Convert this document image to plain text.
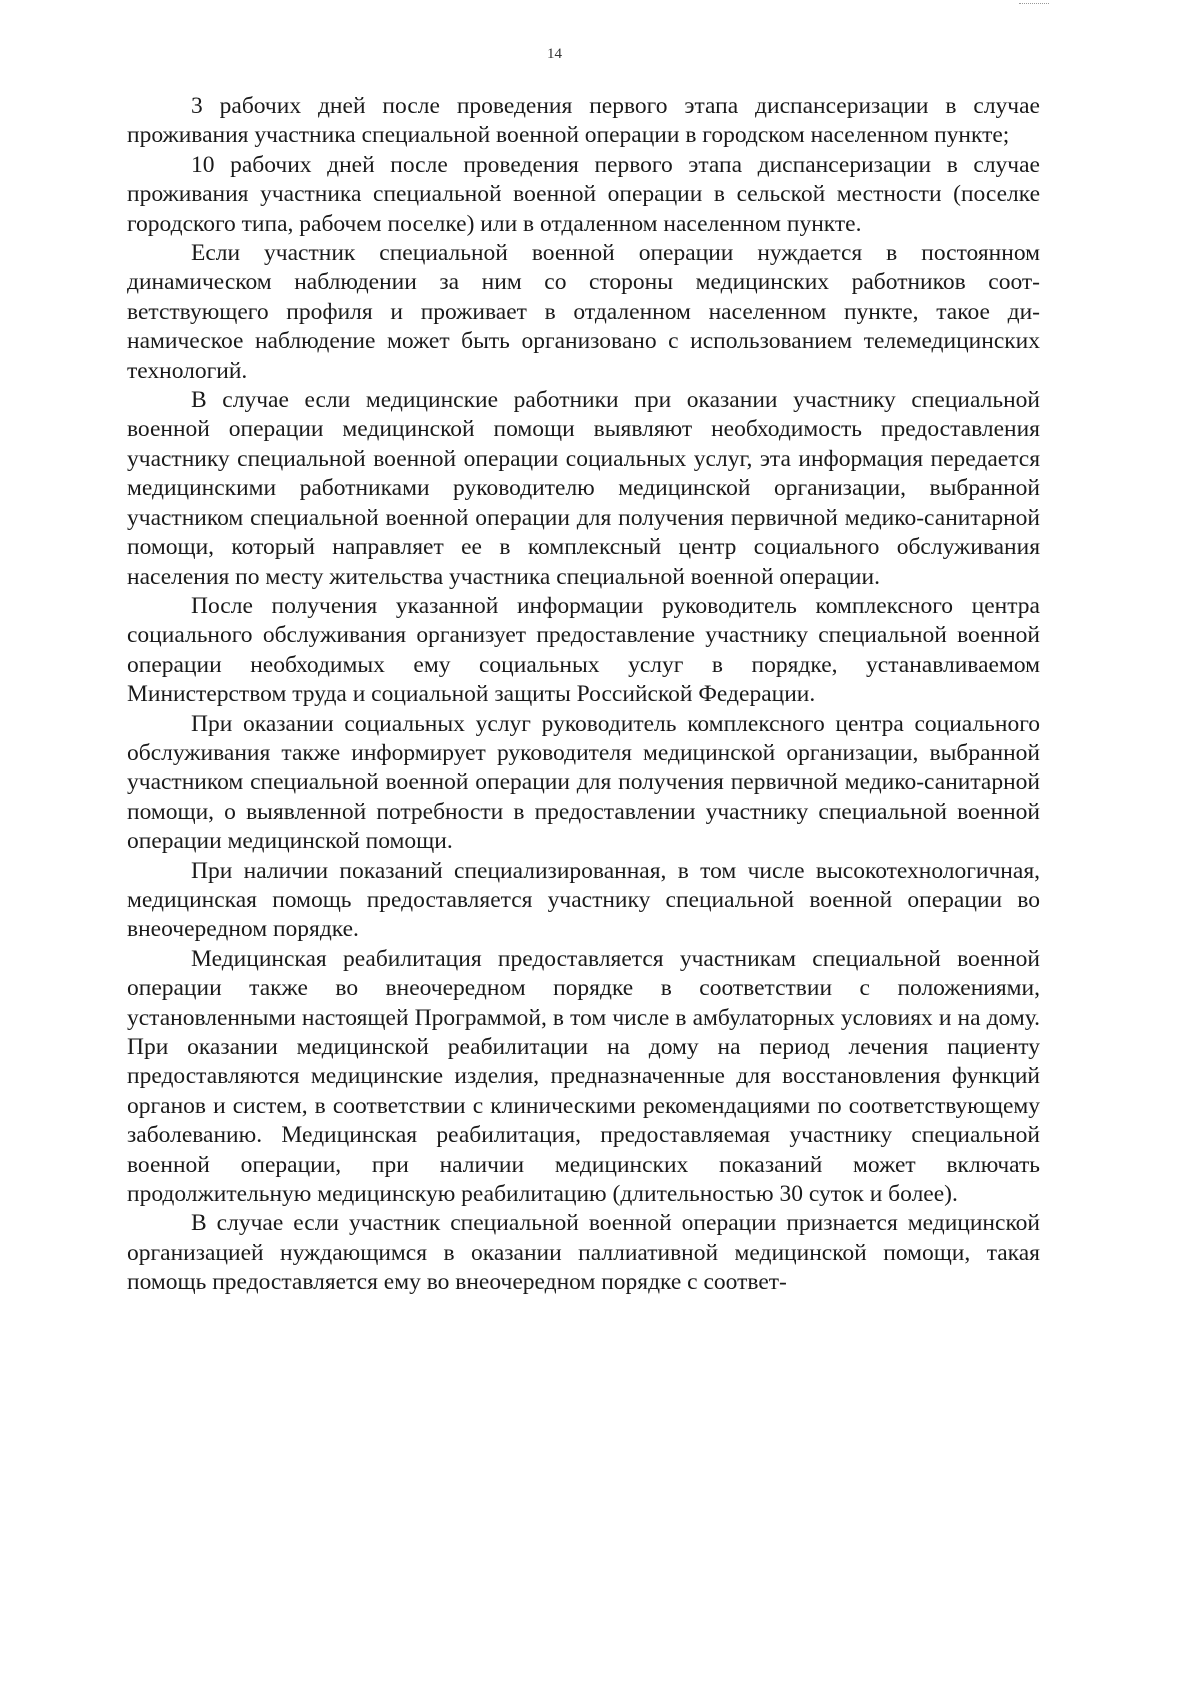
14

3 рабочих дней после проведения первого этапа диспансеризации в случае проживания участника специальной военной операции в городском населенном пункте;

10 рабочих дней после проведения первого этапа диспансеризации в случае проживания участника специальной военной операции в сельской местности (поселке городского типа, рабочем поселке) или в отдаленном населенном пункте.

Если участник специальной военной операции нуждается в постоянном динамическом наблюдении за ним со стороны медицинских работников соответствующего профиля и проживает в отдаленном населенном пункте, такое динамическое наблюдение может быть организовано с использованием телемедицинских технологий.

В случае если медицинские работники при оказании участнику специальной военной операции медицинской помощи выявляют необходимость предоставления участнику специальной военной операции социальных услуг, эта информация передается медицинскими работниками руководителю медицинской организации, выбранной участником специальной военной операции для получения первичной медико-санитарной помощи, который направляет ее в комплексный центр социального обслуживания населения по месту жительства участника специальной военной операции.

После получения указанной информации руководитель комплексного центра социального обслуживания организует предоставление участнику специальной военной операции необходимых ему социальных услуг в порядке, устанавливаемом Министерством труда и социальной защиты Российской Федерации.

При оказании социальных услуг руководитель комплексного центра социального обслуживания также информирует руководителя медицинской организации, выбранной участником специальной военной операции для получения первичной медико-санитарной помощи, о выявленной потребности в предоставлении участнику специальной военной операции медицинской помощи.

При наличии показаний специализированная, в том числе высокотехнологичная, медицинская помощь предоставляется участнику специальной военной операции во внеочередном порядке.

Медицинская реабилитация предоставляется участникам специальной военной операции также во внеочередном порядке в соответствии с положениями, установленными настоящей Программой, в том числе в амбулаторных условиях и на дому. При оказании медицинской реабилитации на дому на период лечения пациенту предоставляются медицинские изделия, предназначенные для восстановления функций органов и систем, в соответствии с клиническими рекомендациями по соответствующему заболеванию. Медицинская реабилитация, предоставляемая участнику специальной военной операции, при наличии медицинских показаний может включать продолжительную медицинскую реабилитацию (длительностью 30 суток и более).

В случае если участник специальной военной операции признается медицинской организацией нуждающимся в оказании паллиативной медицинской помощи, такая помощь предоставляется ему во внеочередном порядке с соответ-
